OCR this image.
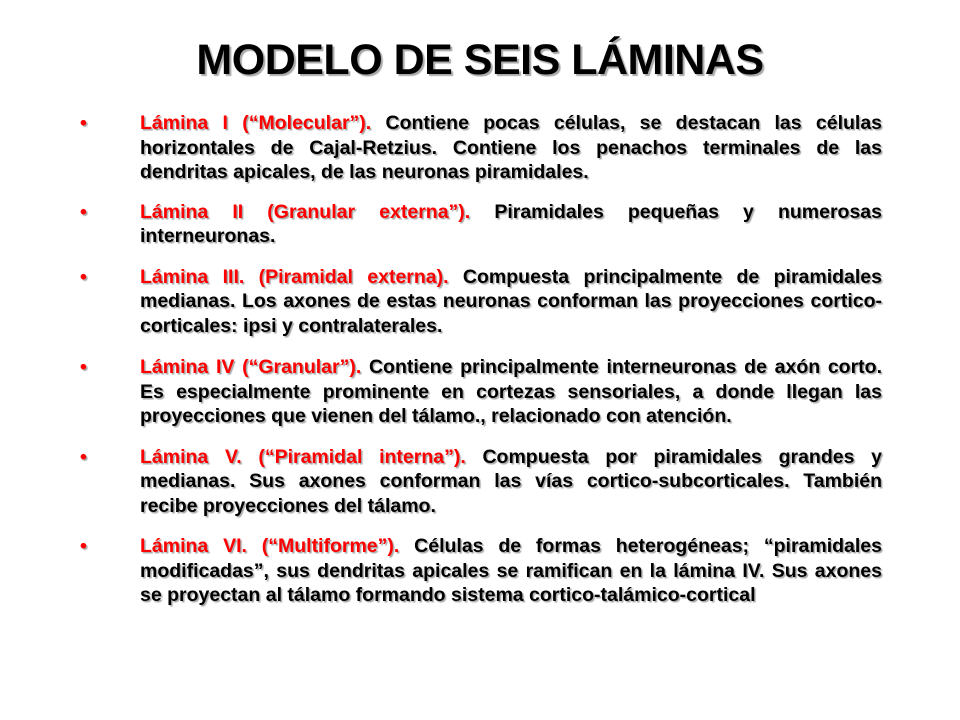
MODELO DE SEIS LÁMINAS
•	Lámina I (“Molecular”). Contiene pocas células, se destacan las células horizontales de Cajal-Retzius. Contiene los penachos terminales de las dendritas apicales, de las neuronas piramidales.
•	Lámina II (Granular externa”). Piramidales pequeñas y numerosas interneuronas.
•	Lámina III. (Piramidal externa). Compuesta principalmente de piramidales medianas. Los axones de estas neuronas conforman las proyecciones cortico- corticales: ipsi y contralaterales.
•	Lámina IV (“Granular”). Contiene principalmente interneuronas de axón corto. Es especialmente prominente en cortezas sensoriales, a donde llegan las proyecciones que vienen del tálamo., relacionado con atención.
•	Lámina V. (“Piramidal interna”). Compuesta por piramidales grandes y medianas. Sus axones conforman las vías cortico-subcorticales. También recibe proyecciones del tálamo.
•	Lámina VI. (“Multiforme”). Células de formas heterogéneas; “piramidales modificadas”, sus dendritas apicales se ramifican en la lámina IV. Sus axones se proyectan al tálamo formando sistema cortico-talámico-cortical
